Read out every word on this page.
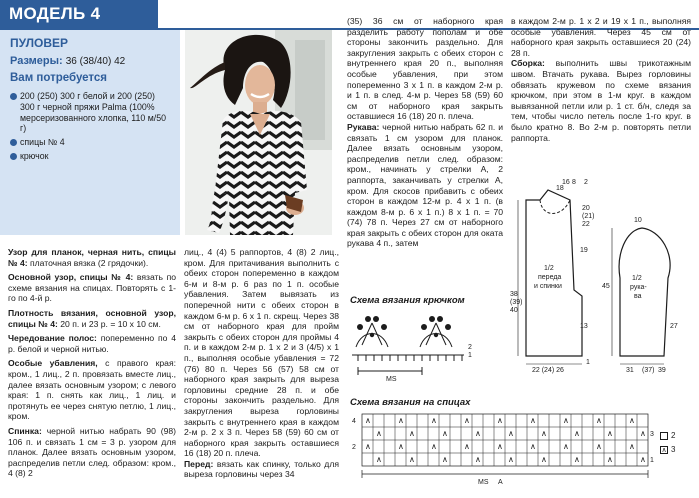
МОДЕЛЬ 4
ПУЛОВЕР
Размеры: 36 (38/40) 42
Вам потребуется
200 (250) 300 г белой и 200 (250) 300 г черной пряжи Palma (100% мерсеризованного хлопка, 110 м/50 г)
спицы № 4
крючок

Узор для планок, черная нить, спицы № 4: платочная вязка (2 грядочки).

Основной узор, спицы № 4: вязать по схеме вязания на спицах. Повторять с 1-го по 4-й р.

Плотность вязания, основной узор, спицы № 4: 20 п. и 23 р. = 10 x 10 см.

Чередование полос: попеременно по 4 р. белой и черной нитью.

Особые убавления, с правого края: кром., 1 лиц., 2 п. провязать вместе лиц., далее вязать основным узором; с левого края: 1 п. снять как лиц., 1 лиц. и протянуть ее через снятую петлю, 1 лиц., кром.

Спинка: черной нитью набрать 90 (98) 106 п. и связать 1 см = 3 р. узором для планок. Далее вязать основным узором, распределив петли след. образом: кром., 4 (8) 2

лиц., 4 (4) 5 раппортов, 4 (8) 2 лиц., кром. Для притачивания выполнить с обеих сторон попеременно в каждом 6-м и 8-м р. 6 раз по 1 п. особые убавления. Затем вывязать из поперечной нити с обеих сторон в каждом 6-м р. 6 x 1 п. скрещ. Через 38 см от наборного края для пройм закрыть с обеих сторон для проймы 4 п. и в каждом 2-м р. 1 x 2 и 3 (4/5) x 1 п., выполняя особые убавления = 72 (76) 80 п. Через 56 (57) 58 см от наборного края закрыть для выреза горловины средние 28 п. и обе стороны закончить раздельно. Для закругления выреза горловины закрыть с внутреннего края в каждом 2-м р. 2 x 3 п. Через 58 (59) 60 см от наборного края закрыть оставшиеся 16 (18) 20 п. плеча.

Перед: вязать как спинку, только для выреза горловины через 34

(35) 36 см от наборного края разделить работу пополам и обе стороны закончить раздельно. Для закругления закрыть с обеих сторон с внутреннего края 20 п., выполняя особые убавления, при этом попеременно 3 x 1 п. в каждом 2-м р. и 1 п. в след. 4-м р. Через 58 (59) 60 см от наборного края закрыть оставшиеся 16 (18) 20 п. плеча.

Рукава: черной нитью набрать 62 п. и связать 1 см узором для планок. Далее вязать основным узором, распределив петли след. образом: кром., начинать у стрелки А, 2 раппорта, заканчивать у стрелки А, кром. Для скосов прибавить с обеих сторон в каждом 12-м р. 4 x 1 п. (в каждом 8-м р. 6 x 1 п.) 8 x 1 п. = 70 (74) 78 п. Через 27 см от наборного края закрыть с обеих сторон для оката рукава 4 п., затем

в каждом 2-м р. 1 x 2 и 19 x 1 п., выполняя особые убавления. Через 45 см от наборного края закрыть оставшиеся 20 (24) 28 п.

Сборка: выполнить швы трикотажным швом. Втачать рукава. Вырез горловины обвязать кружевом по схеме вязания крючком, при этом в 1-м круг. в каждом вывязанной петли или р. 1 ст. б/н, следя за тем, чтобы число петель после 1-го круг. в было кратно 8. Во 2-м р. повторять петли раппорта.

1/2
переда
и спинки
16 8 2
18
20
(21)
22
19
38
(39)
40
13
22 (24) 26
1
1/2
рука-
ва
10
45
27
31 (37) 39
Схема вязания крючком
1
2
MS
Схема вязания на спицах
∧	∧	∧	∧	∧	∧	∧	∧	∧
∧	∧	∧	∧	∧	∧	∧	∧	∧
∧	∧	∧	∧	∧	∧	∧	∧	∧
∧	∧	∧	∧	∧	∧	∧	∧	∧
4
3
2
1
MS A
2
∧ 3
